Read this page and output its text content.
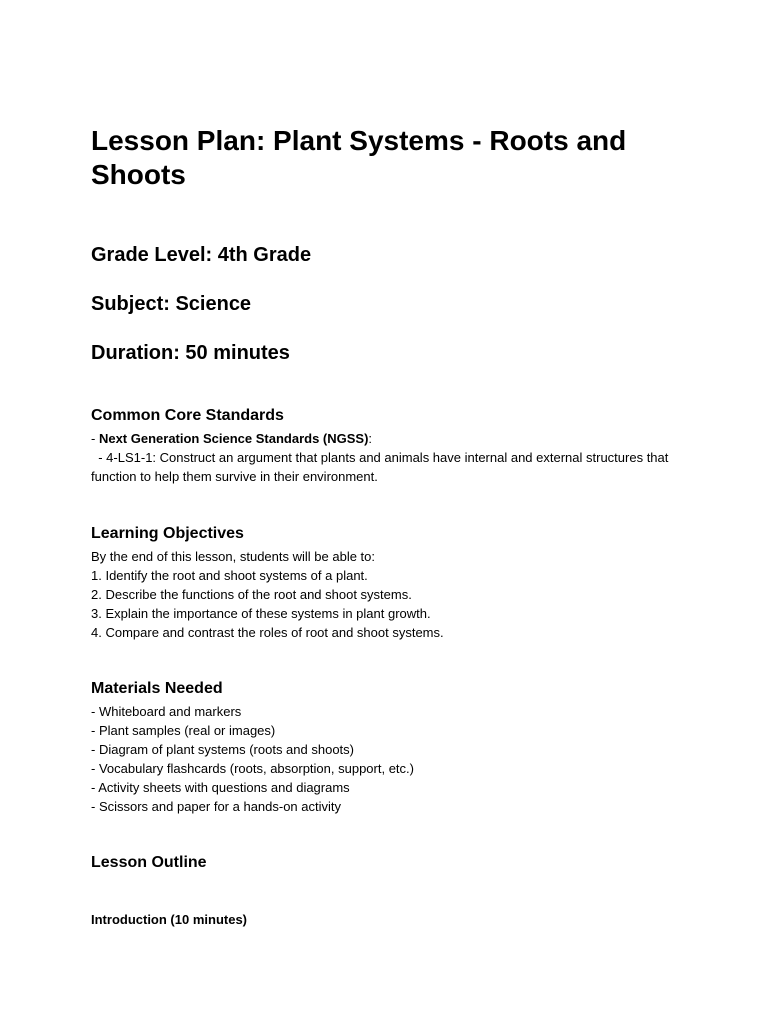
Lesson Plan: Plant Systems - Roots and Shoots
Grade Level: 4th Grade
Subject: Science
Duration: 50 minutes
Common Core Standards
- Next Generation Science Standards (NGSS):
- 4-LS1-1: Construct an argument that plants and animals have internal and external structures that function to help them survive in their environment.
Learning Objectives
By the end of this lesson, students will be able to:
1. Identify the root and shoot systems of a plant.
2. Describe the functions of the root and shoot systems.
3. Explain the importance of these systems in plant growth.
4. Compare and contrast the roles of root and shoot systems.
Materials Needed
- Whiteboard and markers
- Plant samples (real or images)
- Diagram of plant systems (roots and shoots)
- Vocabulary flashcards (roots, absorption, support, etc.)
- Activity sheets with questions and diagrams
- Scissors and paper for a hands-on activity
Lesson Outline
Introduction (10 minutes)
